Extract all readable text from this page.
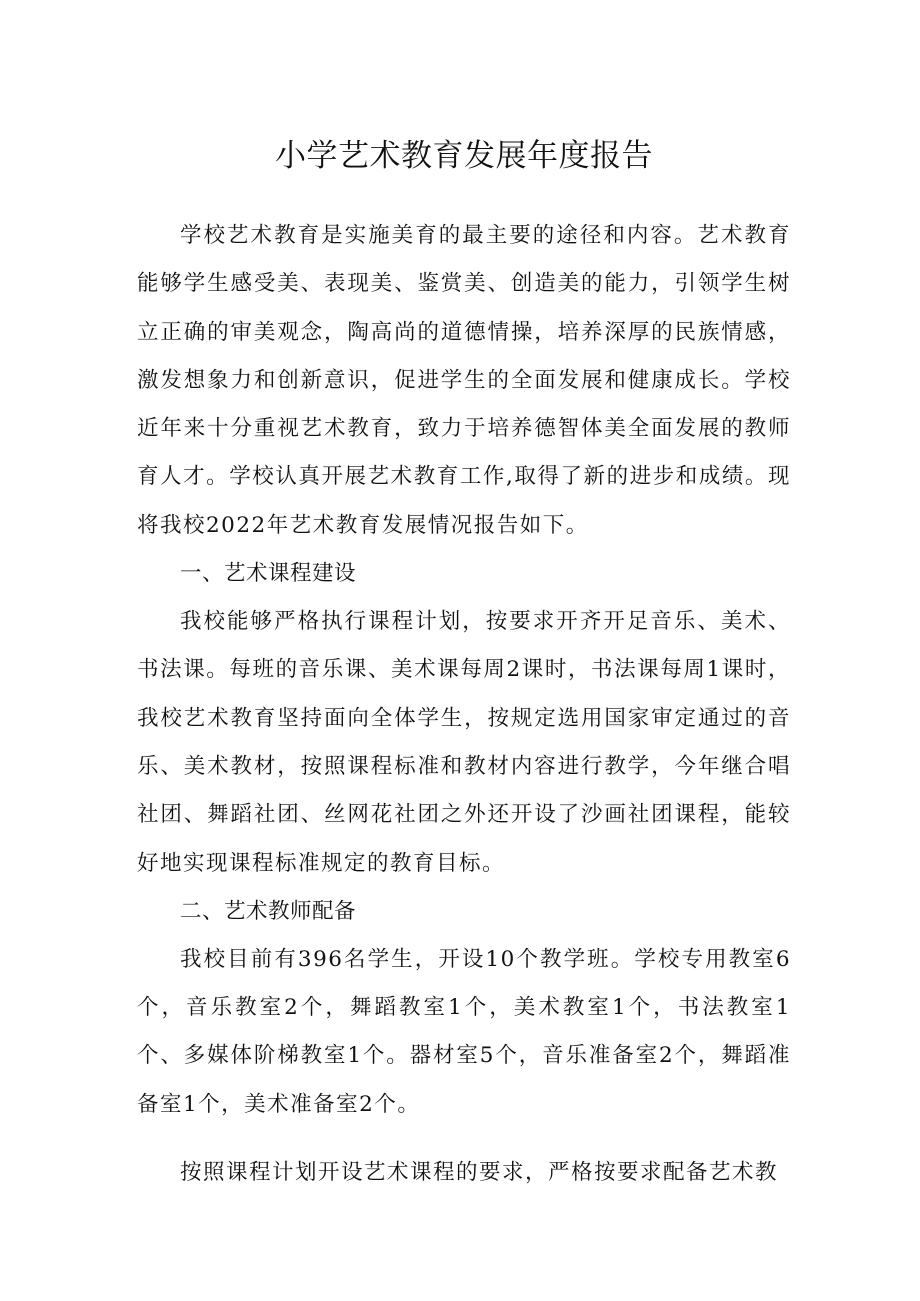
小学艺术教育发展年度报告

学校艺术教育是实施美育的最主要的途径和内容。艺术教育能够学生感受美、表现美、鉴赏美、创造美的能力，引领学生树立正确的审美观念，陶高尚的道德情操，培养深厚的民族情感，激发想象力和创新意识，促进学生的全面发展和健康成长。学校近年来十分重视艺术教育，致力于培养德智体美全面发展的教师育人才。学校认真开展艺术教育工作,取得了新的进步和成绩。现将我校2022年艺术教育发展情况报告如下。

一、艺术课程建设

我校能够严格执行课程计划，按要求开齐开足音乐、美术、书法课。每班的音乐课、美术课每周2课时，书法课每周1课时，我校艺术教育坚持面向全体学生，按规定选用国家审定通过的音乐、美术教材，按照课程标准和教材内容进行教学，今年继合唱社团、舞蹈社团、丝网花社团之外还开设了沙画社团课程，能较好地实现课程标准规定的教育目标。

二、艺术教师配备

我校目前有396名学生，开设10个教学班。学校专用教室6个，音乐教室2个，舞蹈教室1个，美术教室1个，书法教室1个、多媒体阶梯教室1个。器材室5个，音乐准备室2个，舞蹈准备室1个，美术准备室2个。

按照课程计划开设艺术课程的要求，严格按要求配备艺术教
